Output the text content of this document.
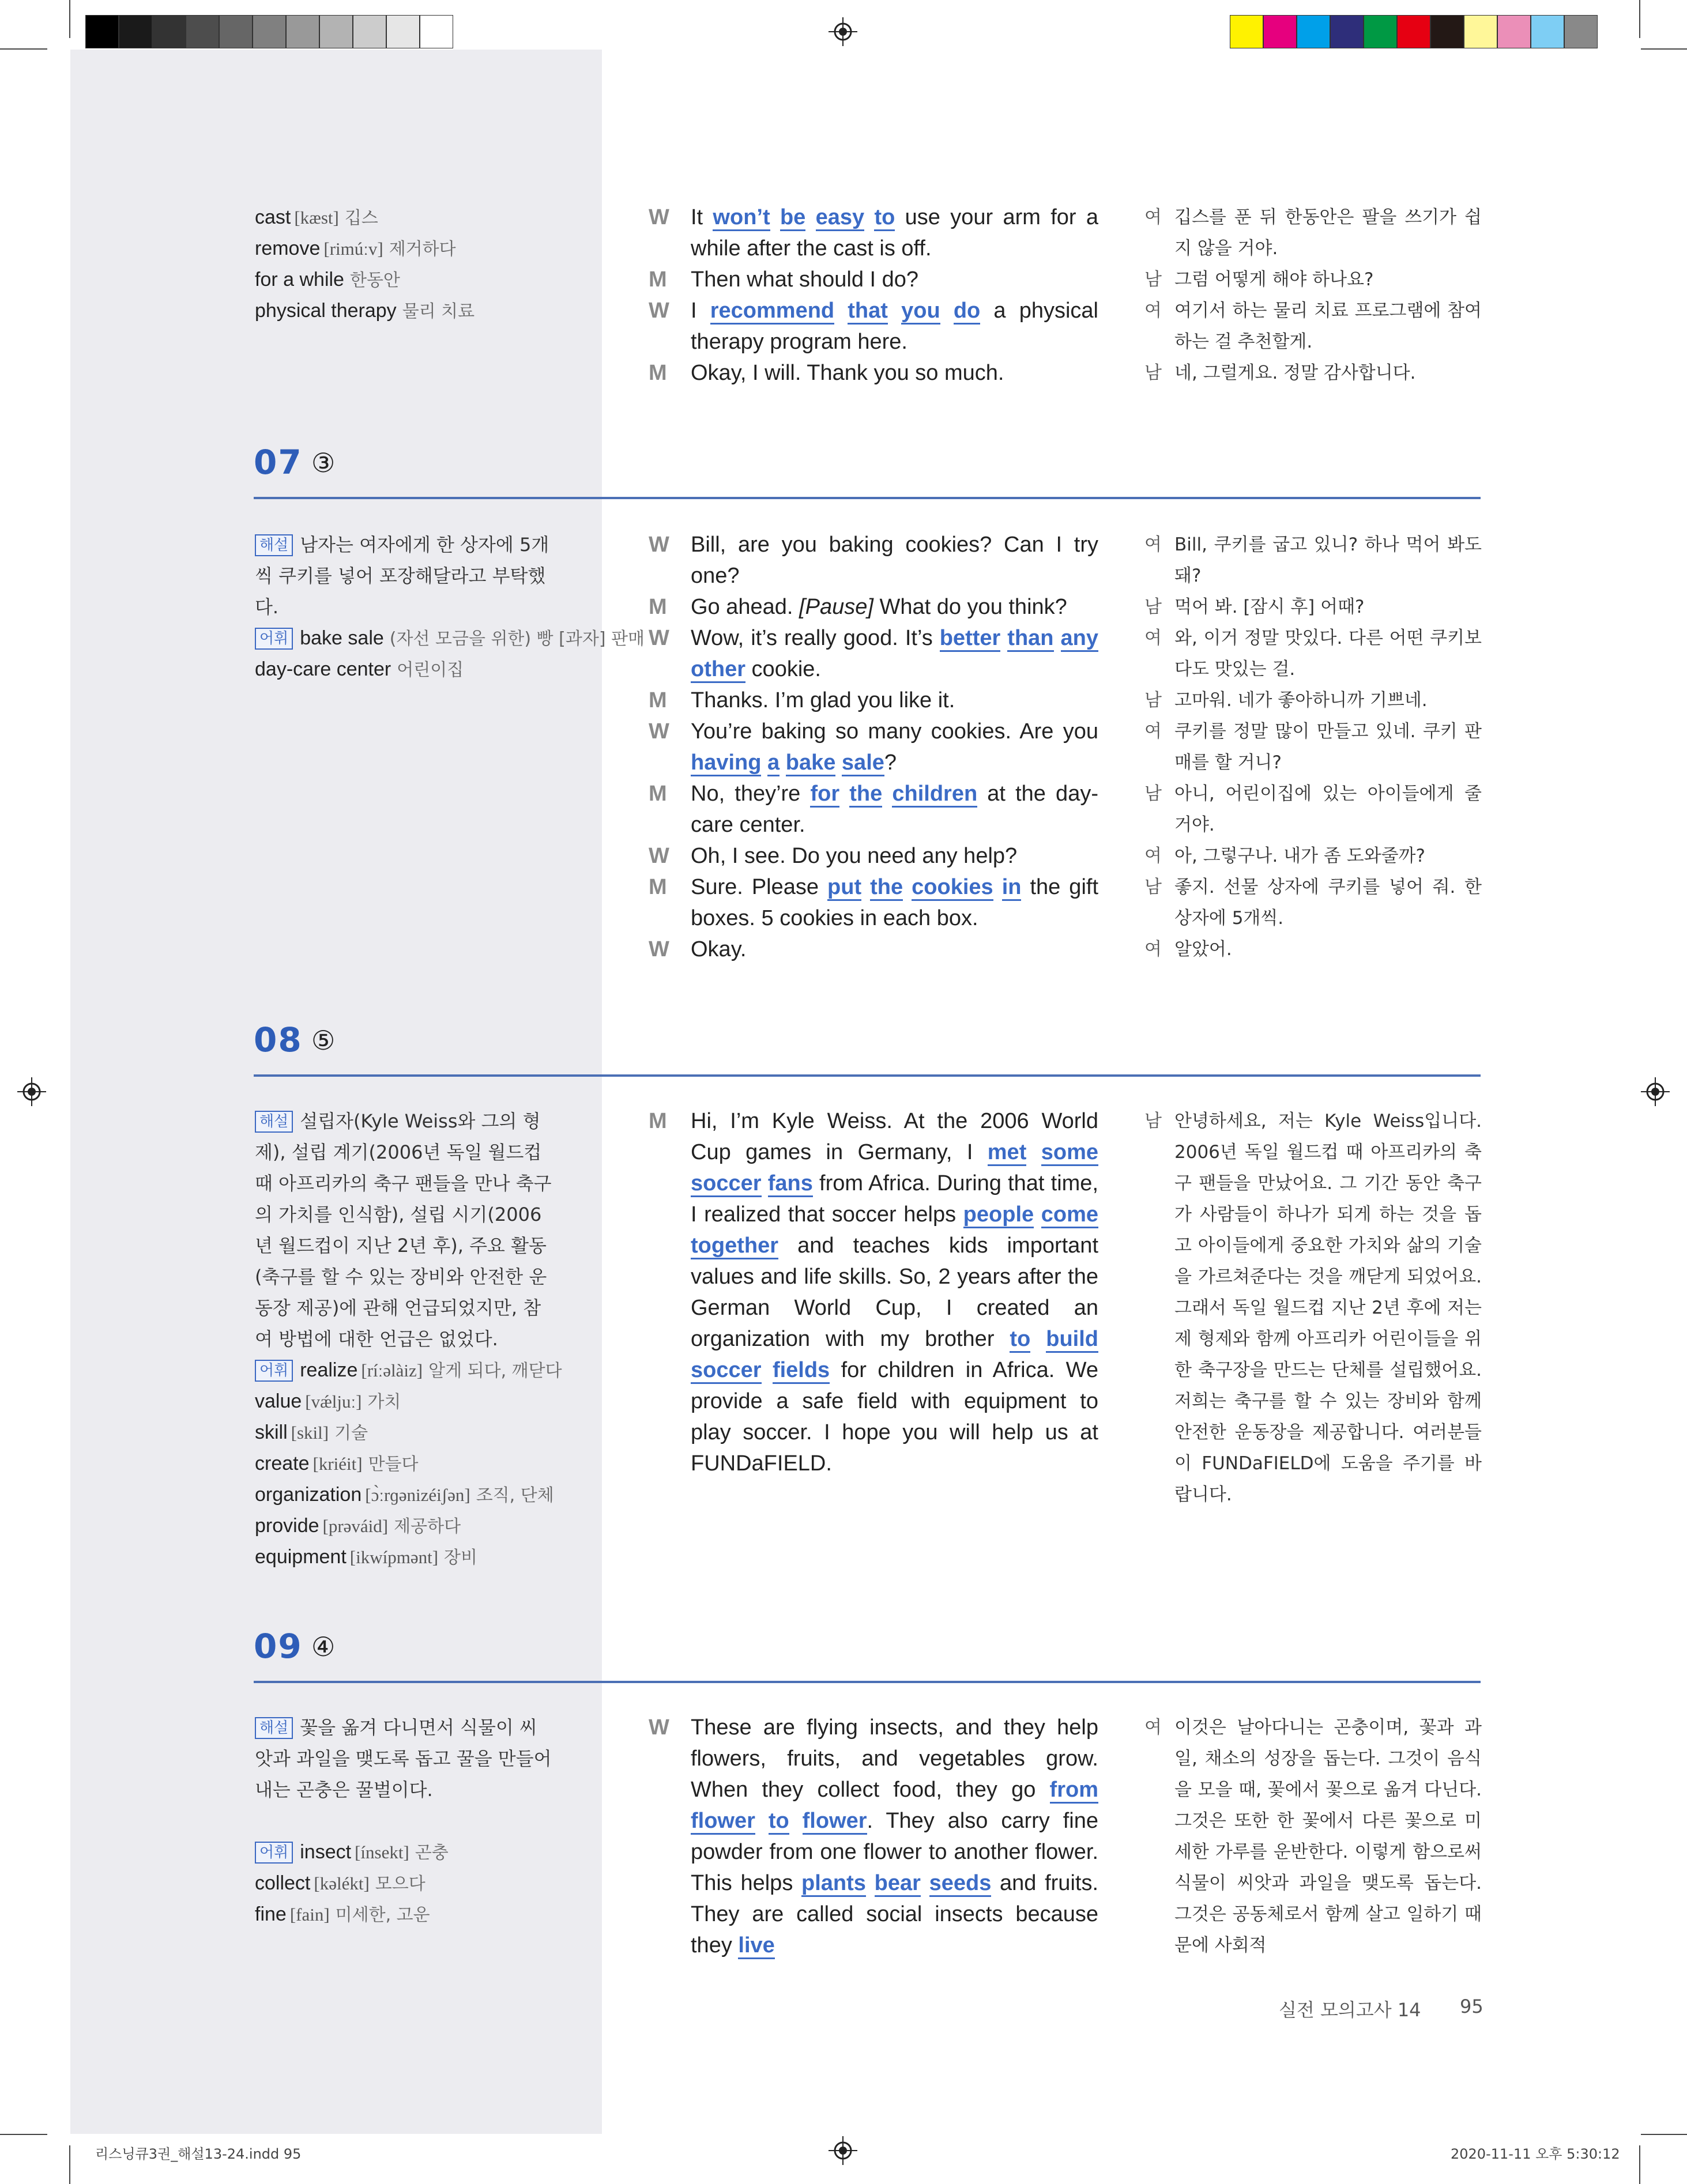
cast [kæst] 깁스
remove [rimúːv] 제거하다
for a while 한동안
physical therapy 물리 치료
W It won’t be easy to use your arm for a while after the cast is off.
M Then what should I do?
W I recommend that you do a physical therapy program here.
M Okay, I will. Thank you so much.
여 깁스를 푼 뒤 한동안은 팔을 쓰기가 쉽지 않을 거야.
남 그럼 어떻게 해야 하나요?
여 여기서 하는 물리 치료 프로그램에 참여하는 걸 추천할게.
남 네, 그럴게요. 정말 감사합니다.
07 ③
해설 남자는 여자에게 한 상자에 5개씩 쿠키를 넣어 포장해달라고 부탁했다.
어휘 bake sale (자선 모금을 위한) 빵 [과자] 판매
day-care center 어린이집
W Bill, are you baking cookies? Can I try one?
M Go ahead. [Pause] What do you think?
W Wow, it’s really good. It’s better than any other cookie.
M Thanks. I’m glad you like it.
W You’re baking so many cookies. Are you having a bake sale?
M No, they’re for the children at the day-care center.
W Oh, I see. Do you need any help?
M Sure. Please put the cookies in the gift boxes. 5 cookies in each box.
W Okay.
여 Bill, 쿠키를 굽고 있니? 하나 먹어 봐도 돼?
남 먹어 봐. [잠시 후] 어때?
여 와, 이거 정말 맛있다. 다른 어떤 쿠키보다도 맛있는 걸.
남 고마워. 네가 좋아하니까 기쁘네.
여 쿠키를 정말 많이 만들고 있네. 쿠키 판매를 할 거니?
남 아니, 어린이집에 있는 아이들에게 줄 거야.
여 아, 그렇구나. 내가 좀 도와줄까?
남 좋지. 선물 상자에 쿠키를 넣어 줘. 한 상자에 5개씩.
여 알았어.
08 ⑤
해설 설립자(Kyle Weiss와 그의 형제), 설립 계기(2006년 독일 월드컵 때 아프리카의 축구 팬들을 만나 축구의 가치를 인식함), 설립 시기(2006년 월드컵이 지난 2년 후), 주요 활동(축구를 할 수 있는 장비와 안전한 운동장 제공)에 관해 언급되었지만, 참여 방법에 대한 언급은 없었다.
어휘 realize [ríːəlàiz] 알게 되다, 깨닫다
value [vǽljuː] 가치
skill [skil] 기술
create [kriéit] 만들다
organization [ɔ̀ːrɡənizéiʃən] 조직, 단체
provide [prəváid] 제공하다
equipment [ikwípmənt] 장비
M Hi, I’m Kyle Weiss. At the 2006 World Cup games in Germany, I met some soccer fans from Africa. During that time, I realized that soccer helps people come together and teaches kids important values and life skills. So, 2 years after the German World Cup, I created an organization with my brother to build soccer fields for children in Africa. We provide a safe field with equipment to play soccer. I hope you will help us at FUNDaFIELD.
남 안녕하세요, 저는 Kyle Weiss입니다. 2006년 독일 월드컵 때 아프리카의 축구 팬들을 만났어요. 그 기간 동안 축구가 사람들이 하나가 되게 하는 것을 돕고 아이들에게 중요한 가치와 삶의 기술을 가르쳐준다는 것을 깨닫게 되었어요. 그래서 독일 월드컵 지난 2년 후에 저는 제 형제와 함께 아프리카 어린이들을 위한 축구장을 만드는 단체를 설립했어요. 저희는 축구를 할 수 있는 장비와 함께 안전한 운동장을 제공합니다. 여러분들이 FUNDaFIELD에 도움을 주기를 바랍니다.
09 ④
해설 꽃을 옮겨 다니면서 식물이 씨앗과 과일을 맺도록 돕고 꿀을 만들어내는 곤충은 꿀벌이다.
어휘 insect [ínsekt] 곤충
collect [kəlékt] 모으다
fine [fain] 미세한, 고운
W These are flying insects, and they help flowers, fruits, and vegetables grow. When they collect food, they go from flower to flower. They also carry fine powder from one flower to another flower. This helps plants bear seeds and fruits. They are called social insects because they live
여 이것은 날아다니는 곤충이며, 꽃과 과일, 채소의 성장을 돕는다. 그것이 음식을 모을 때, 꽃에서 꽃으로 옮겨 다닌다. 그것은 또한 한 꽃에서 다른 꽃으로 미세한 가루를 운반한다. 이렇게 함으로써 식물이 씨앗과 과일을 맺도록 돕는다. 그것은 공동체로서 함께 살고 일하기 때문에 사회적
실전 모의고사 14 95
리스닝큐3권_해설13-24.indd 95	2020-11-11 오후 5:30:12
